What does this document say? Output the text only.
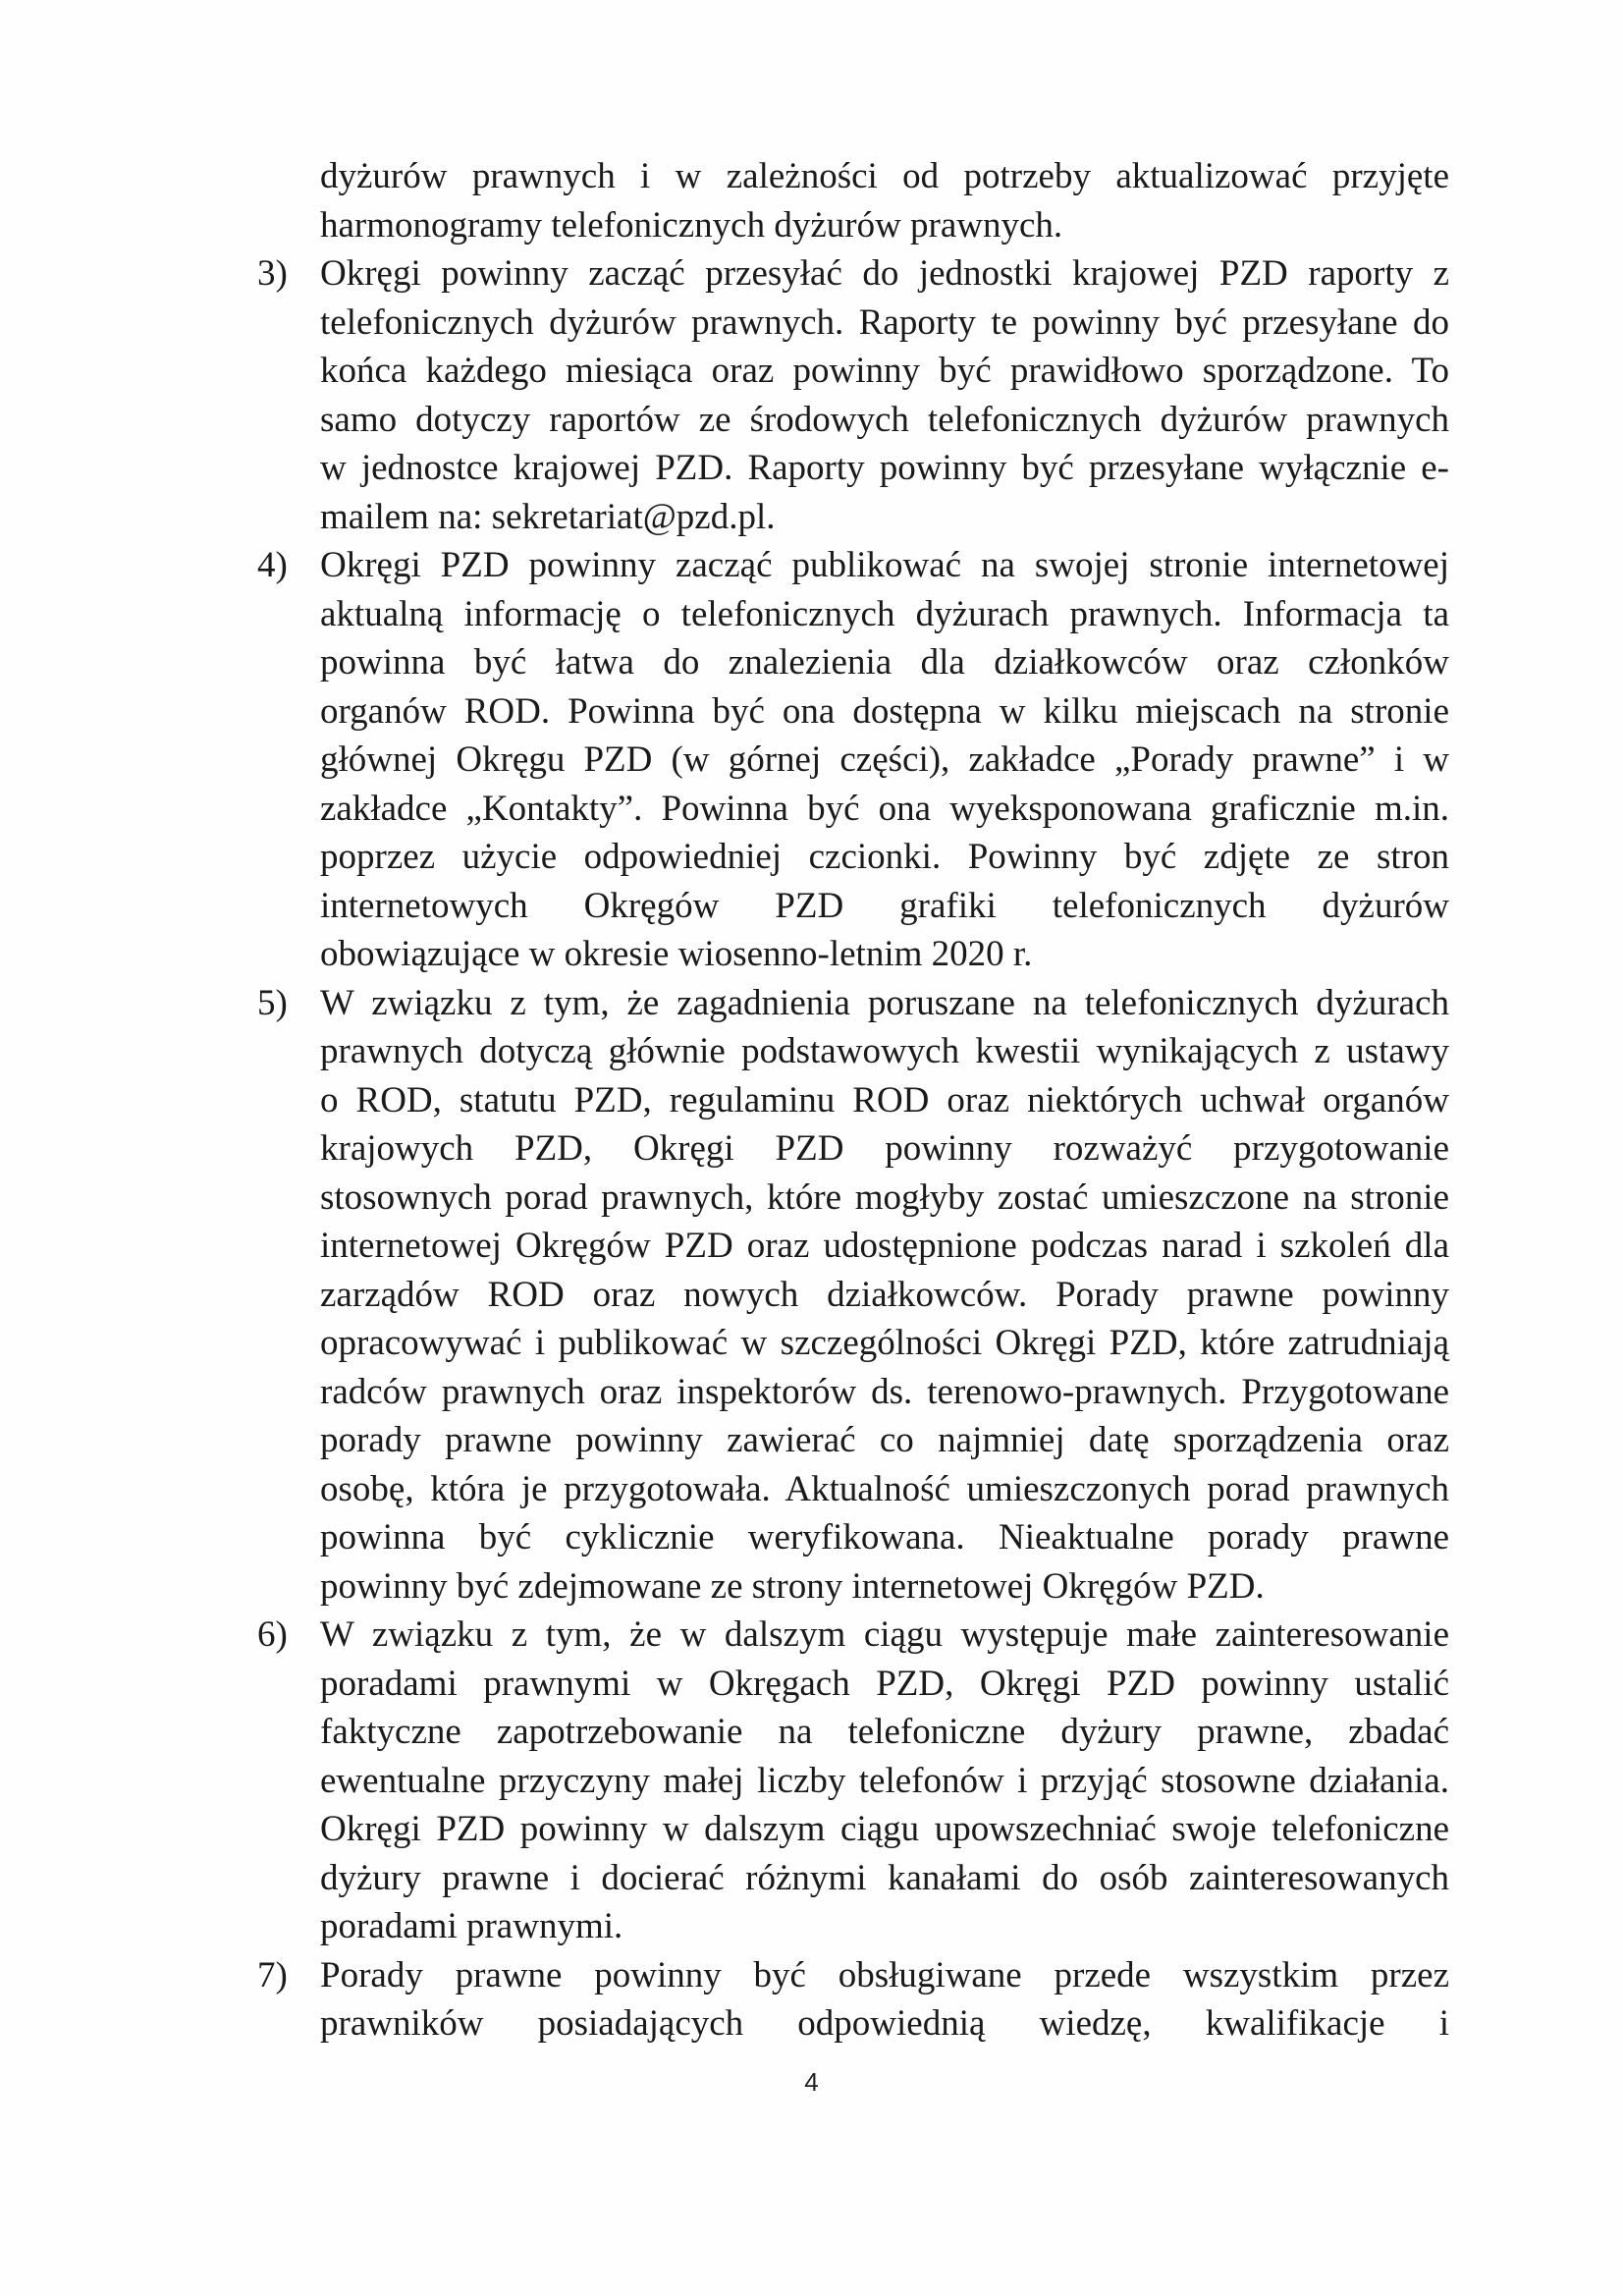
dyżurów prawnych i w zależności od potrzeby aktualizować przyjęte
harmonogramy telefonicznych dyżurów prawnych.
3) Okręgi powinny zacząć przesyłać do jednostki krajowej PZD raporty z
telefonicznych dyżurów prawnych. Raporty te powinny być przesyłane do
końca każdego miesiąca oraz powinny być prawidłowo sporządzone. To
samo dotyczy raportów ze środowych telefonicznych dyżurów prawnych
w jednostce krajowej PZD. Raporty powinny być przesyłane wyłącznie e-
mailem na: sekretariat@pzd.pl.
4) Okręgi PZD powinny zacząć publikować na swojej stronie internetowej
aktualną informację o telefonicznych dyżurach prawnych. Informacja ta
powinna być łatwa do znalezienia dla działkowców oraz członków
organów ROD. Powinna być ona dostępna w kilku miejscach na stronie
głównej Okręgu PZD (w górnej części), zakładce „Porady prawne” i w
zakładce „Kontakty”. Powinna być ona wyeksponowana graficznie m.in.
poprzez użycie odpowiedniej czcionki. Powinny być zdjęte ze stron
internetowych Okręgów PZD grafiki telefonicznych dyżurów
obowiązujące w okresie wiosenno-letnim 2020 r.
5) W związku z tym, że zagadnienia poruszane na telefonicznych dyżurach
prawnych dotyczą głównie podstawowych kwestii wynikających z ustawy
o ROD, statutu PZD, regulaminu ROD oraz niektórych uchwał organów
krajowych PZD, Okręgi PZD powinny rozważyć przygotowanie
stosownych porad prawnych, które mogłyby zostać umieszczone na stronie
internetowej Okręgów PZD oraz udostępnione podczas narad i szkoleń dla
zarządów ROD oraz nowych działkowców. Porady prawne powinny
opracowywać i publikować w szczególności Okręgi PZD, które zatrudniają
radców prawnych oraz inspektorów ds. terenowo-prawnych. Przygotowane
porady prawne powinny zawierać co najmniej datę sporządzenia oraz
osobę, która je przygotowała. Aktualność umieszczonych porad prawnych
powinna być cyklicznie weryfikowana. Nieaktualne porady prawne
powinny być zdejmowane ze strony internetowej Okręgów PZD.
6) W związku z tym, że w dalszym ciągu występuje małe zainteresowanie
poradami prawnymi w Okręgach PZD, Okręgi PZD powinny ustalić
faktyczne zapotrzebowanie na telefoniczne dyżury prawne, zbadać
ewentualne przyczyny małej liczby telefonów i przyjąć stosowne działania.
Okręgi PZD powinny w dalszym ciągu upowszechniać swoje telefoniczne
dyżury prawne i docierać różnymi kanałami do osób zainteresowanych
poradami prawnymi.
7) Porady prawne powinny być obsługiwane przede wszystkim przez
prawników posiadających odpowiednią wiedzę, kwalifikacje i
4
